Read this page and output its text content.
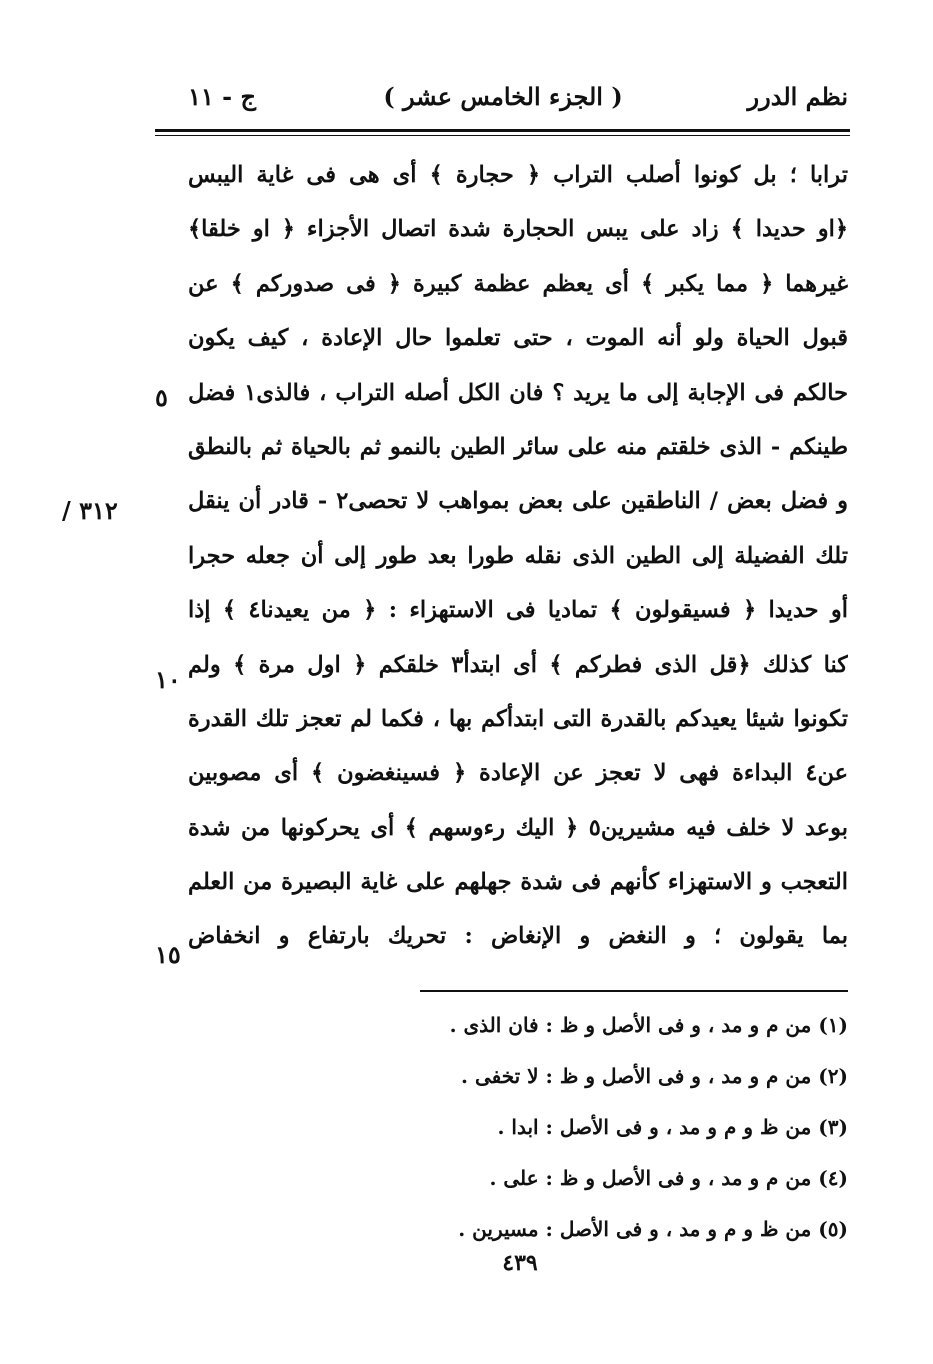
نظم الدرر
( الجزء الخامس عشر )
ج - ١١
ترابا ؛ بل كونوا أصلب التراب ﴿ حجارة ﴾ أى هى فى غاية اليبس
﴿او حديدا ﴾ زاد على يبس الحجارة شدة اتصال الأجزاء ﴿ او خلقا﴾
غيرهما ﴿ مما يكبر ﴾ أى يعظم عظمة كبيرة ﴿ فى صدوركم ﴾ عن
قبول الحياة ولو أنه الموت ، حتى تعلموا حال الإعادة ، كيف يكون
حالكم فى الإجابة إلى ما يريد ؟ فان الكل أصله التراب ، فالذى١ فضل
طينكم - الذى خلقتم منه على سائر الطين بالنمو ثم بالحياة ثم بالنطق
و فضل بعض / الناطقين على بعض بمواهب لا تحصى٢ - قادر أن ينقل
تلك الفضيلة إلى الطين الذى نقله طورا بعد طور إلى أن جعله حجرا
أو حديدا ﴿ فسيقولون ﴾ تماديا فى الاستهزاء : ﴿ من يعيدنا٤ ﴾ إذا
كنا كذلك ﴿قل الذى فطركم ﴾ أى ابتدأ٣ خلقكم ﴿ اول مرة ﴾ ولم
تكونوا شيئا يعيدكم بالقدرة التى ابتدأكم بها ، فكما لم تعجز تلك القدرة
عن٤ البداءة فهى لا تعجز عن الإعادة ﴿ فسينغضون ﴾ أى مصوبين
بوعد لا خلف فيه مشيرين٥ ﴿ اليك رءوسهم ﴾ أى يحركونها من شدة
التعجب و الاستهزاء كأنهم فى شدة جهلهم على غاية البصيرة من العلم
بما يقولون ؛ و النغض و الإنغاض : تحريك بارتفاع و انخفاض
٥
٣١٢ /
١٠
١٥
(١) من م و مد ، و فى الأصل و ظ : فان الذى .
(٢) من م و مد ، و فى الأصل و ظ : لا تخفى .
(٣) من ظ و م و مد ، و فى الأصل : ابدا .
(٤) من م و مد ، و فى الأصل و ظ : على .
(٥) من ظ و م و مد ، و فى الأصل : مسيرين .
٤٣٩
